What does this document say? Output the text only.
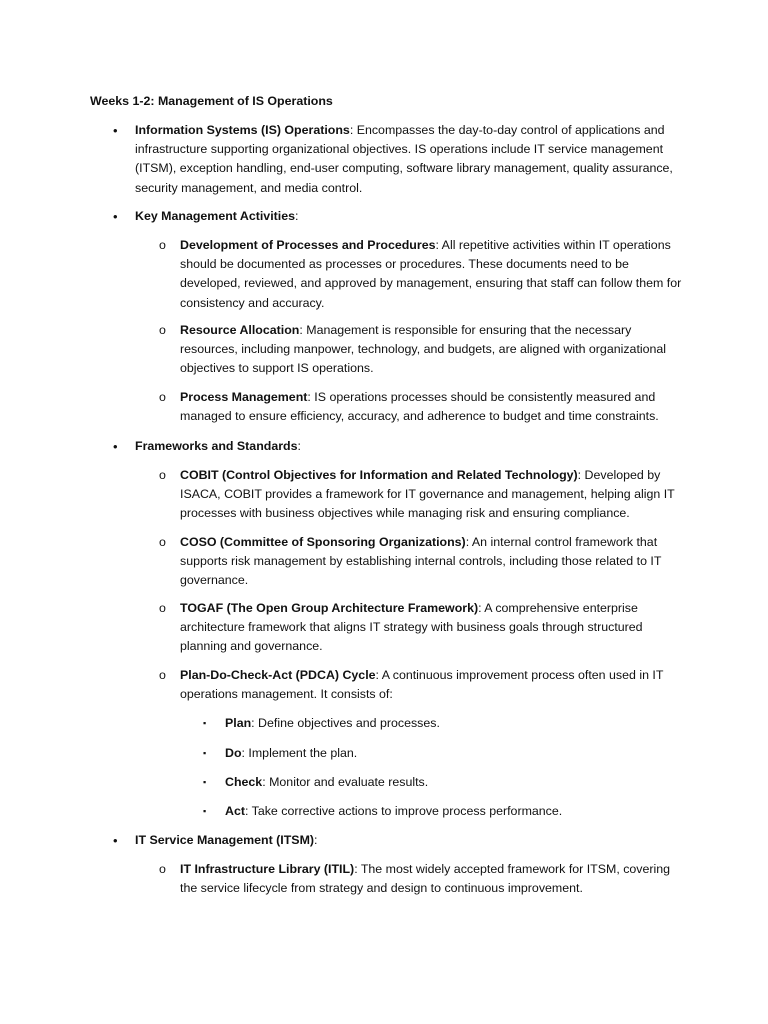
Weeks 1-2: Management of IS Operations
• Information Systems (IS) Operations: Encompasses the day-to-day control of applications and infrastructure supporting organizational objectives. IS operations include IT service management (ITSM), exception handling, end-user computing, software library management, quality assurance, security management, and media control.
• Key Management Activities:
o Development of Processes and Procedures: All repetitive activities within IT operations should be documented as processes or procedures. These documents need to be developed, reviewed, and approved by management, ensuring that staff can follow them for consistency and accuracy.
o Resource Allocation: Management is responsible for ensuring that the necessary resources, including manpower, technology, and budgets, are aligned with organizational objectives to support IS operations.
o Process Management: IS operations processes should be consistently measured and managed to ensure efficiency, accuracy, and adherence to budget and time constraints.
• Frameworks and Standards:
o COBIT (Control Objectives for Information and Related Technology): Developed by ISACA, COBIT provides a framework for IT governance and management, helping align IT processes with business objectives while managing risk and ensuring compliance.
o COSO (Committee of Sponsoring Organizations): An internal control framework that supports risk management by establishing internal controls, including those related to IT governance.
o TOGAF (The Open Group Architecture Framework): A comprehensive enterprise architecture framework that aligns IT strategy with business goals through structured planning and governance.
o Plan-Do-Check-Act (PDCA) Cycle: A continuous improvement process often used in IT operations management. It consists of:
▪ Plan: Define objectives and processes.
▪ Do: Implement the plan.
▪ Check: Monitor and evaluate results.
▪ Act: Take corrective actions to improve process performance.
• IT Service Management (ITSM):
o IT Infrastructure Library (ITIL): The most widely accepted framework for ITSM, covering the service lifecycle from strategy and design to continuous improvement.
